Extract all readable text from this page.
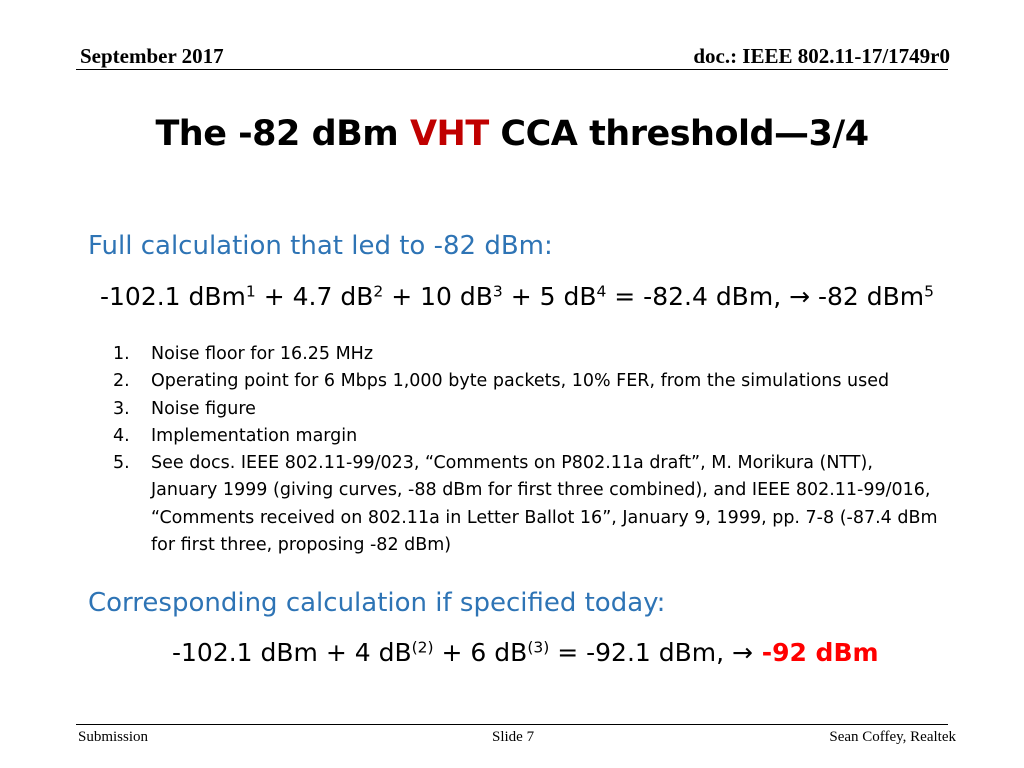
September 2017	doc.: IEEE 802.11-17/1749r0
The -82 dBm VHT CCA threshold—3/4
Full calculation that led to -82 dBm:
-102.1 dBm$^1$ + 4.7 $dB^2 + 10$ $dB^3 + 5$ $dB^4 = -82.4$ dBm, → -82 dBm$^5$
1. Noise floor for 16.25 MHz
2. Operating point for 6 Mbps 1,000 byte packets, 10% FER, from the simulations used
3. Noise figure
4. Implementation margin
5. See docs. IEEE 802.11-99/023, “Comments on P802.11a draft”, M. Morikura (NTT), January 1999 (giving curves, -88 dBm for first three combined), and IEEE 802.11-99/016, “Comments received on 802.11a in Letter Ballot 16”, January 9, 1999, pp. 7-8 (-87.4 dBm for first three, proposing -82 dBm)
Corresponding calculation if specified today:
-102.1 dBm + 4 $dB^{(2)} + 6$ $dB^{(3)} = -92.1$ dBm, → -92 dBm
Submission	Slide 7	Sean Coffey, Realtek
